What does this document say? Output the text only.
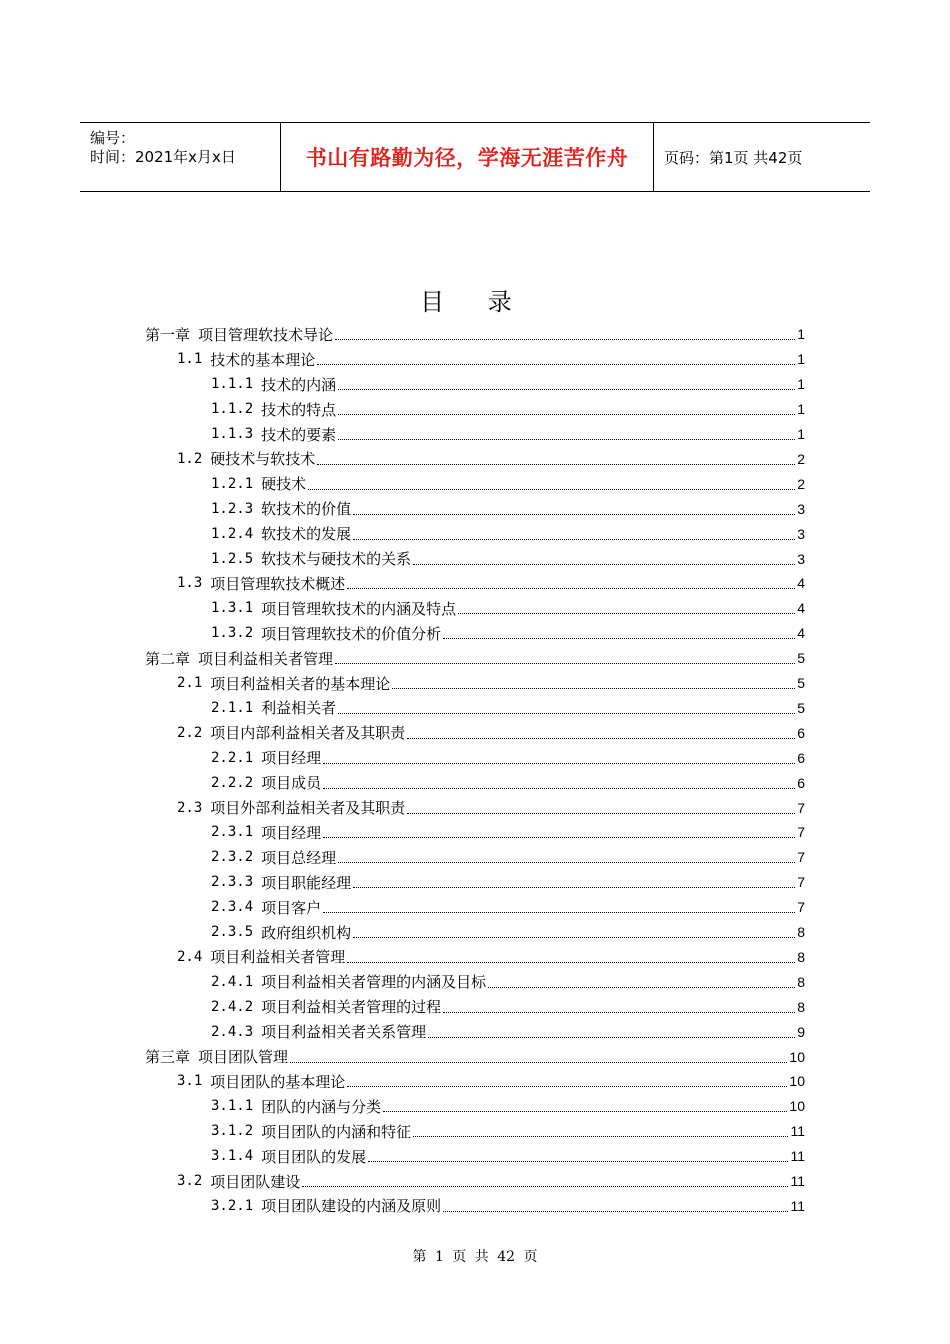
编号：
时间：2021年x月x日	书山有路勤为径，学海无涯苦作舟	页码：第1页 共42页
目 录
第一章 项目管理软技术导论	1
1.1 技术的基本理论	1
1.1.1 技术的内涵	1
1.1.2 技术的特点	1
1.1.3 技术的要素	1
1.2 硬技术与软技术	2
1.2.1 硬技术	2
1.2.3 软技术的价值	3
1.2.4 软技术的发展	3
1.2.5 软技术与硬技术的关系	3
1.3 项目管理软技术概述	4
1.3.1 项目管理软技术的内涵及特点	4
1.3.2 项目管理软技术的价值分析	4
第二章 项目利益相关者管理	5
2.1 项目利益相关者的基本理论	5
2.1.1 利益相关者	5
2.2 项目内部利益相关者及其职责	6
2.2.1 项目经理	6
2.2.2 项目成员	6
2.3 项目外部利益相关者及其职责	7
2.3.1 项目经理	7
2.3.2 项目总经理	7
2.3.3 项目职能经理	7
2.3.4 项目客户	7
2.3.5 政府组织机构	8
2.4 项目利益相关者管理	8
2.4.1 项目利益相关者管理的内涵及目标	8
2.4.2 项目利益相关者管理的过程	8
2.4.3 项目利益相关者关系管理	9
第三章 项目团队管理	10
3.1 项目团队的基本理论	10
3.1.1 团队的内涵与分类	10
3.1.2 项目团队的内涵和特征	11
3.1.4 项目团队的发展	11
3.2 项目团队建设	11
3.2.1 项目团队建设的内涵及原则	11
第 1 页 共 42 页
